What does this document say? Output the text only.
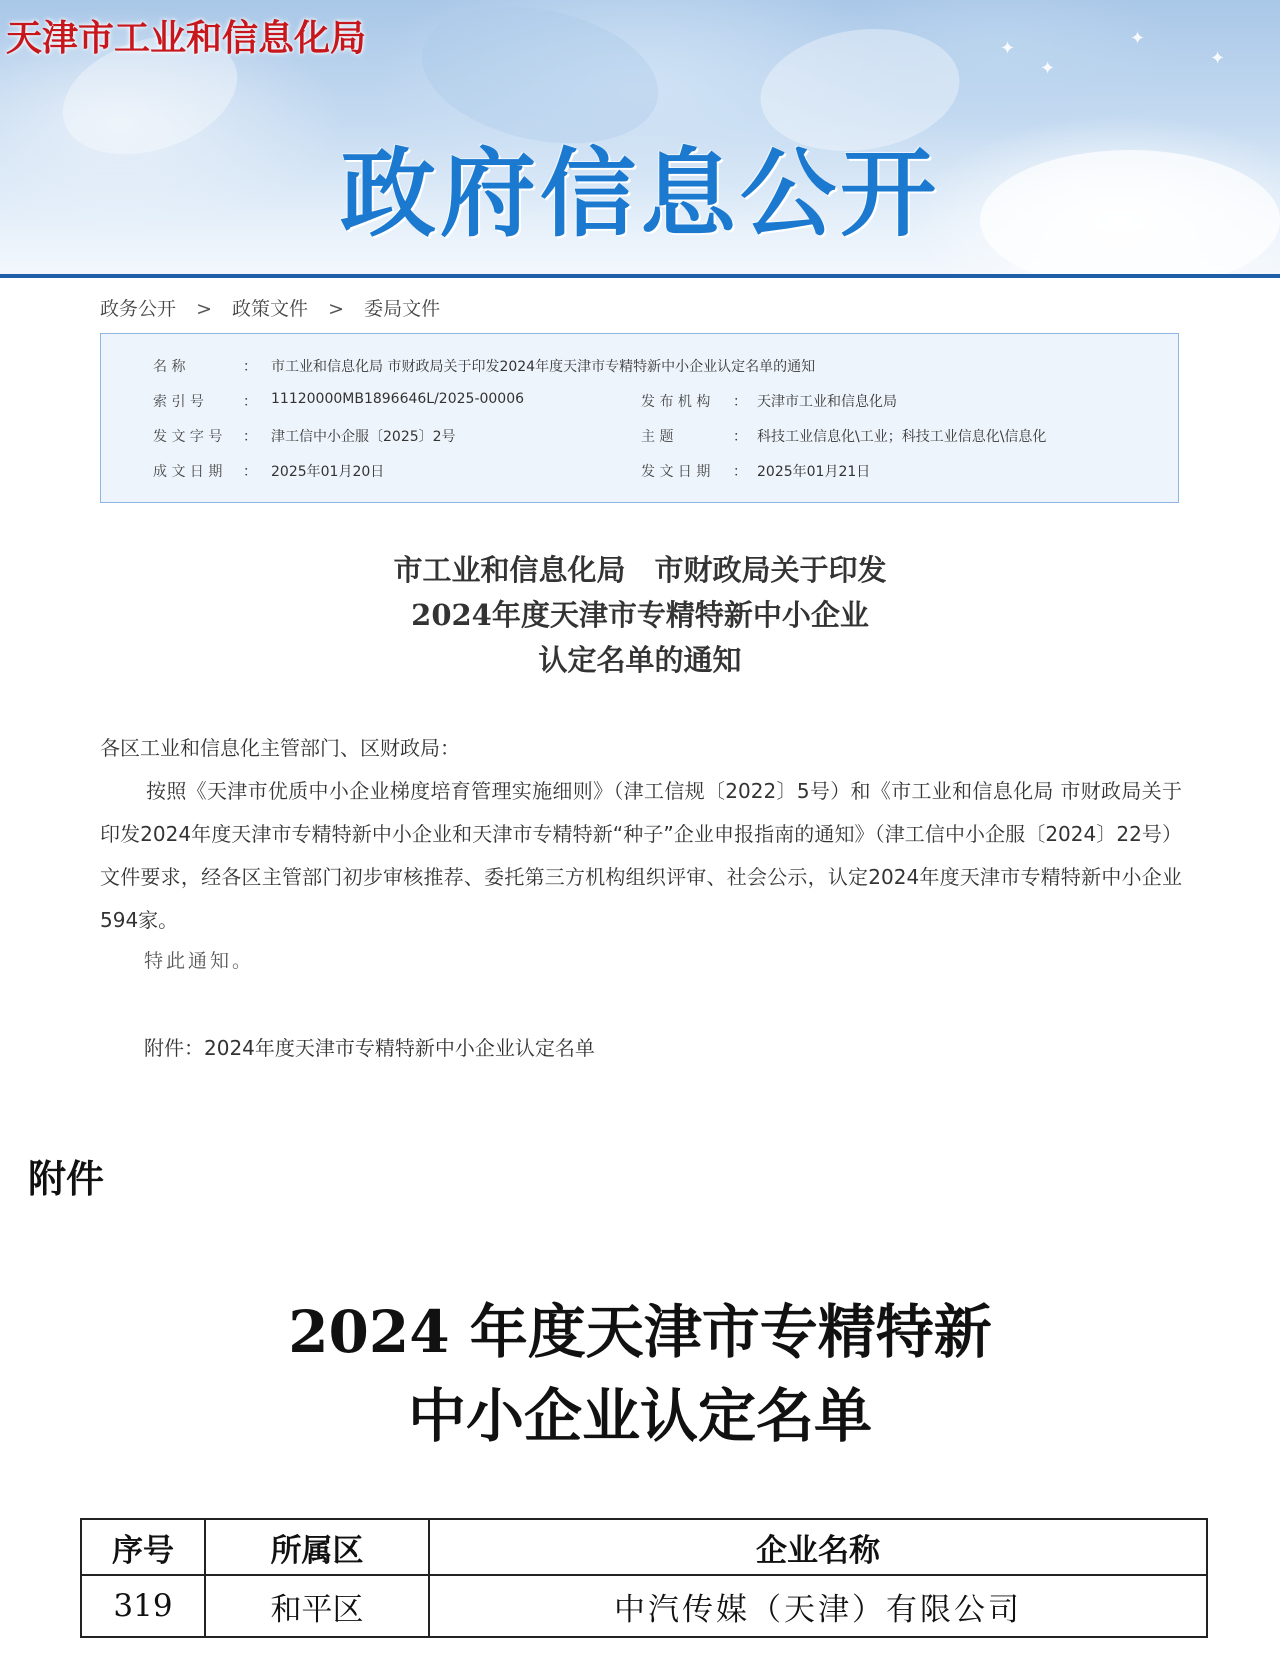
✦
✦
✦
✦
天津市工业和信息化局
政府信息公开
政务公开 > 政策文件 > 委局文件
名 称	： 市工业和信息化局 市财政局关于印发2024年度天津市专精特新中小企业认定名单的通知
索 引 号	： 11120000MB1896646L/2025-00006	发 布 机 构	： 天津市工业和信息化局
发 文 字 号	： 津工信中小企服〔2025〕2号	主 题	： 科技工业信息化\工业；科技工业信息化\信息化
成 文 日 期	： 2025年01月20日	发 文 日 期	： 2025年01月21日
市工业和信息化局　市财政局关于印发
2024年度天津市专精特新中小企业
认定名单的通知
各区工业和信息化主管部门、区财政局：

按照《天津市优质中小企业梯度培育管理实施细则》（津工信规〔2022〕5号）和《市工业和信息化局 市财政局关于印发2024年度天津市专精特新中小企业和天津市专精特新“种子”企业申报指南的通知》（津工信中小企服〔2024〕22号）文件要求，经各区主管部门初步审核推荐、委托第三方机构组织评审、社会公示，认定2024年度天津市专精特新中小企业594家。

特此通知。
附件：2024年度天津市专精特新中小企业认定名单
附件
2024 年度天津市专精特新
中小企业认定名单
序号	所属区	企业名称
319	和平区	中汽传媒（天津）有限公司
